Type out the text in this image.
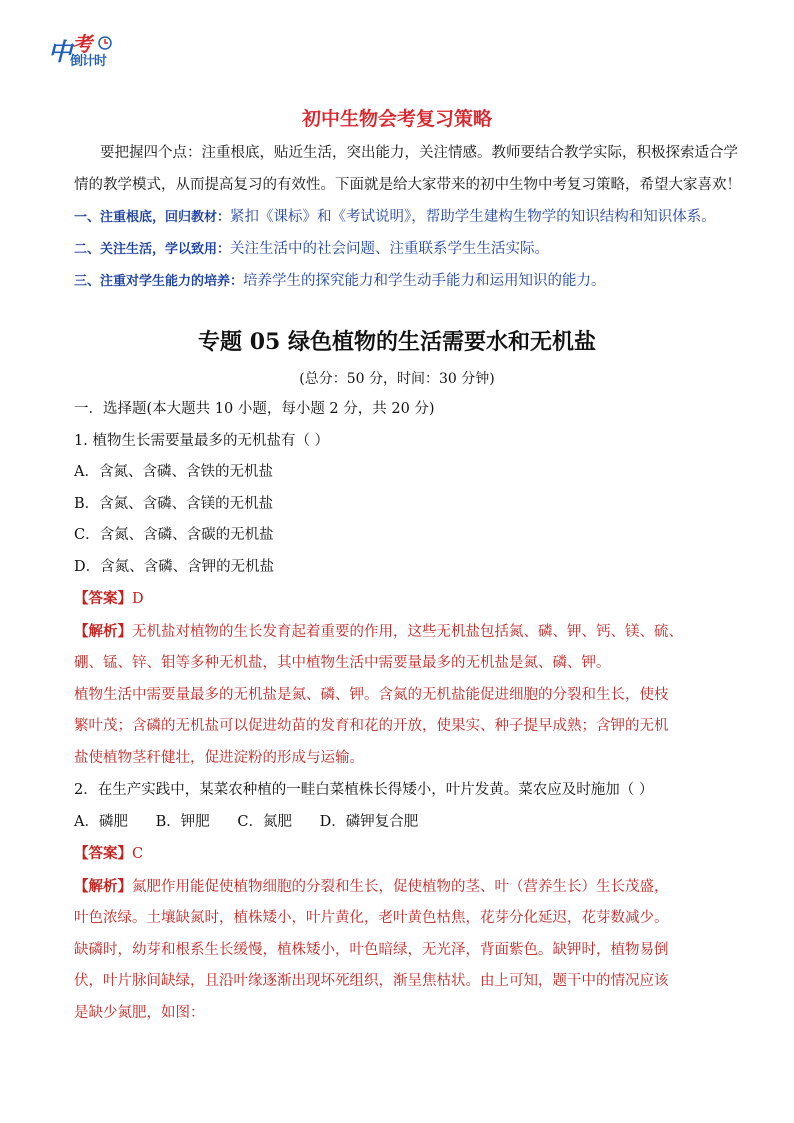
中 考
倒计时
初中生物会考复习策略
要把握四个点：注重根底，贴近生活，突出能力，关注情感。教师要结合教学实际，积极探索适合学
情的教学模式，从而提高复习的有效性。下面就是给大家带来的初中生物中考复习策略，希望大家喜欢！
一、注重根底，回归教材：紧扣《课标》和《考试说明》，帮助学生建构生物学的知识结构和知识体系。
二、关注生活，学以致用：关注生活中的社会问题、注重联系学生生活实际。
三、注重对学生能力的培养：培养学生的探究能力和学生动手能力和运用知识的能力。
专题 05 绿色植物的生活需要水和无机盐
(总分：50 分，时间：30 分钟)
一．选择题(本大题共 10 小题，每小题 2 分，共 20 分)
1. 植物生长需要量最多的无机盐有（ ）
A．含氮、含磷、含铁的无机盐
B．含氮、含磷、含镁的无机盐
C．含氮、含磷、含碳的无机盐
D．含氮、含磷、含钾的无机盐
【答案】D
【解析】无机盐对植物的生长发育起着重要的作用，这些无机盐包括氮、磷、钾、钙、镁、硫、
硼、锰、锌、钼等多种无机盐，其中植物生活中需要量最多的无机盐是氮、磷、钾。
植物生活中需要量最多的无机盐是氮、磷、钾。含氮的无机盐能促进细胞的分裂和生长，使枝
繁叶茂；含磷的无机盐可以促进幼苗的发育和花的开放，使果实、种子提早成熟；含钾的无机
盐使植物茎秆健壮，促进淀粉的形成与运输。
2．在生产实践中，某菜农种植的一畦白菜植株长得矮小，叶片发黄。菜农应及时施加（ ）
A．磷肥      B．钾肥      C．氮肥      D．磷钾复合肥
【答案】C
【解析】氮肥作用能促使植物细胞的分裂和生长，促使植物的茎、叶（营养生长）生长茂盛，
叶色浓绿。土壤缺氮时，植株矮小，叶片黄化，老叶黄色枯焦，花芽分化延迟，花芽数减少。
缺磷时，幼芽和根系生长缓慢，植株矮小，叶色暗绿，无光泽，背面紫色。缺钾时，植物易倒
伏，叶片脉间缺绿，且沿叶缘逐渐出现坏死组织，渐呈焦枯状。由上可知，题干中的情况应该
是缺少氮肥，如图：
